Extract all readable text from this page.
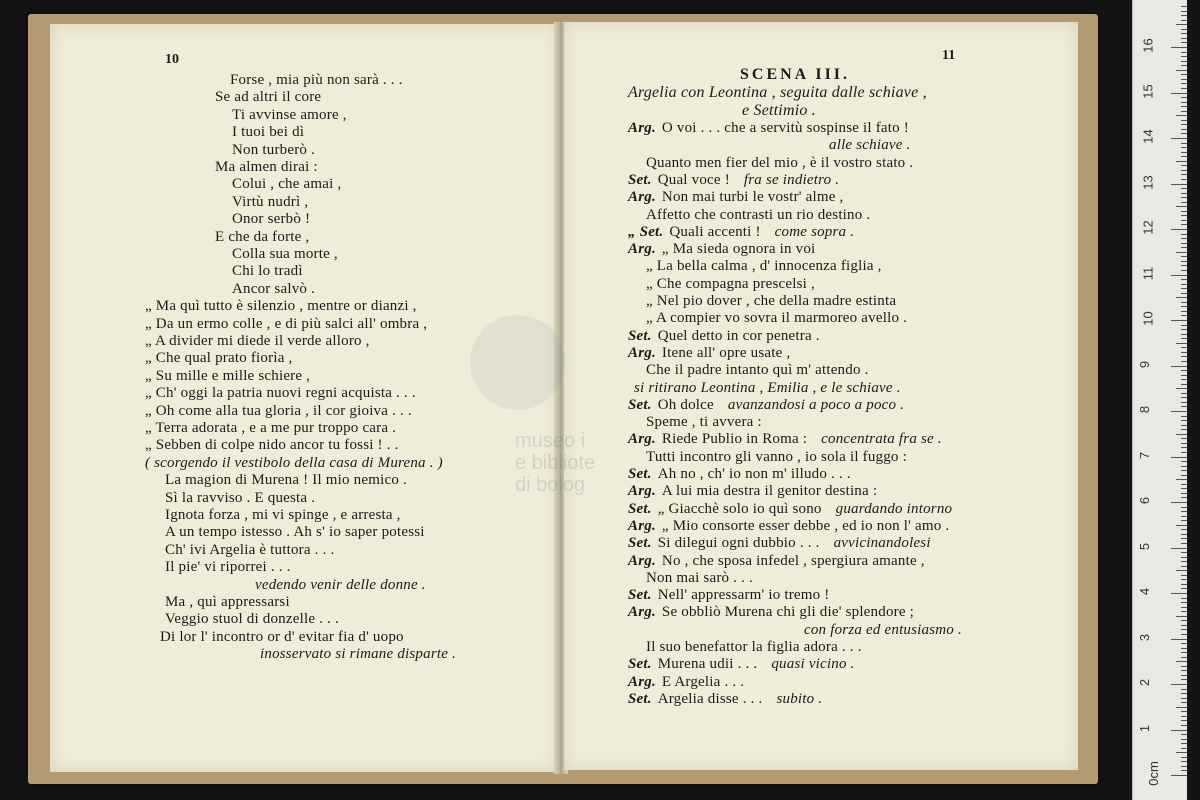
10
Forse , mia più non sarà . . .
Se ad altri il core
Ti avvinse amore ,
I tuoi bei dì
Non turberò .
Ma almen dirai :
Colui , che amai ,
Virtù nudrì ,
Onor serbò !
E che da forte ,
Colla sua morte ,
Chi lo tradì
Ancor salvò .
„ Ma quì tutto è silenzio , mentre or dianzi ,
„ Da un ermo colle , e di più salci all' ombra ,
„ A divider mi diede il verde alloro ,
„ Che qual prato fiorìa ,
„ Su mille e mille schiere ,
„ Ch' oggi la patria nuovi regni acquista . . .
„ Oh come alla tua gloria , il cor gioiva . . .
„ Terra adorata , e a me pur troppo cara .
„ Sebben di colpe nido ancor tu fossi ! . .
( scorgendo il vestibolo della casa di Murena . )
La magion di Murena ! Il mio nemico .
Sì la ravviso . E questa .
Ignota forza , mi vi spinge , e arresta ,
A un tempo istesso . Ah s' io saper potessi
Ch' ivi Argelia è tuttora . . .
Il pie' vi riporrei . . .
vedendo venir delle donne .
Ma , quì appressarsi
Veggio stuol di donzelle . . .
Di lor l' incontro or d' evitar fia d' uopo
inosservato si rimane disparte .
11
SCENA III.
Argelia con Leontina , seguita dalle schiave ,
e Settimio .
Arg. O voi . . . che a servitù sospinse il fato !
alle schiave .
Quanto men fier del mio , è il vostro stato .
Set. Qual voce ! fra se indietro .
Arg. Non mai turbi le vostr' alme ,
Affetto che contrasti un rio destino .
„ Set. Quali accenti ! come sopra .
Arg. „ Ma sieda ognora in voi
„ La bella calma , d' innocenza figlia ,
„ Che compagna prescelsi ,
„ Nel pio dover , che della madre estinta
„ A compier vo sovra il marmoreo avello .
Set. Quel detto in cor penetra .
Arg. Itene all' opre usate ,
Che il padre intanto quì m' attendo .
si ritirano Leontina , Emilia , e le schiave .
Set. Oh dolce avanzandosi a poco a poco .
Speme , ti avvera :
Arg. Riede Publio in Roma : concentrata fra se .
Tutti incontro gli vanno , io sola il fuggo :
Set. Ah no , ch' io non m' illudo . . .
Arg. A lui mia destra il genitor destina :
Set. „ Giacchè solo io quì sono guardando intorno
Arg. „ Mio consorte esser debbe , ed io non l' amo .
Set. Si dilegui ogni dubbio . . . avvicinandolesi
Arg. No , che sposa infedel , spergiura amante ,
Non mai sarò . . .
Set. Nell' appressarm' io tremo !
Arg. Se obbliò Murena chi gli die' splendore ;
con forza ed entusiasmo .
Il suo benefattor la figlia adora . . .
Set. Murena udii . . . quasi vicino .
Arg. E Argelia . . .
Set. Argelia disse . . . subito .
museo i
e bibliote
di bolog
0cm
1
2
3
4
5
6
7
8
9
10
11
12
13
14
15
16
